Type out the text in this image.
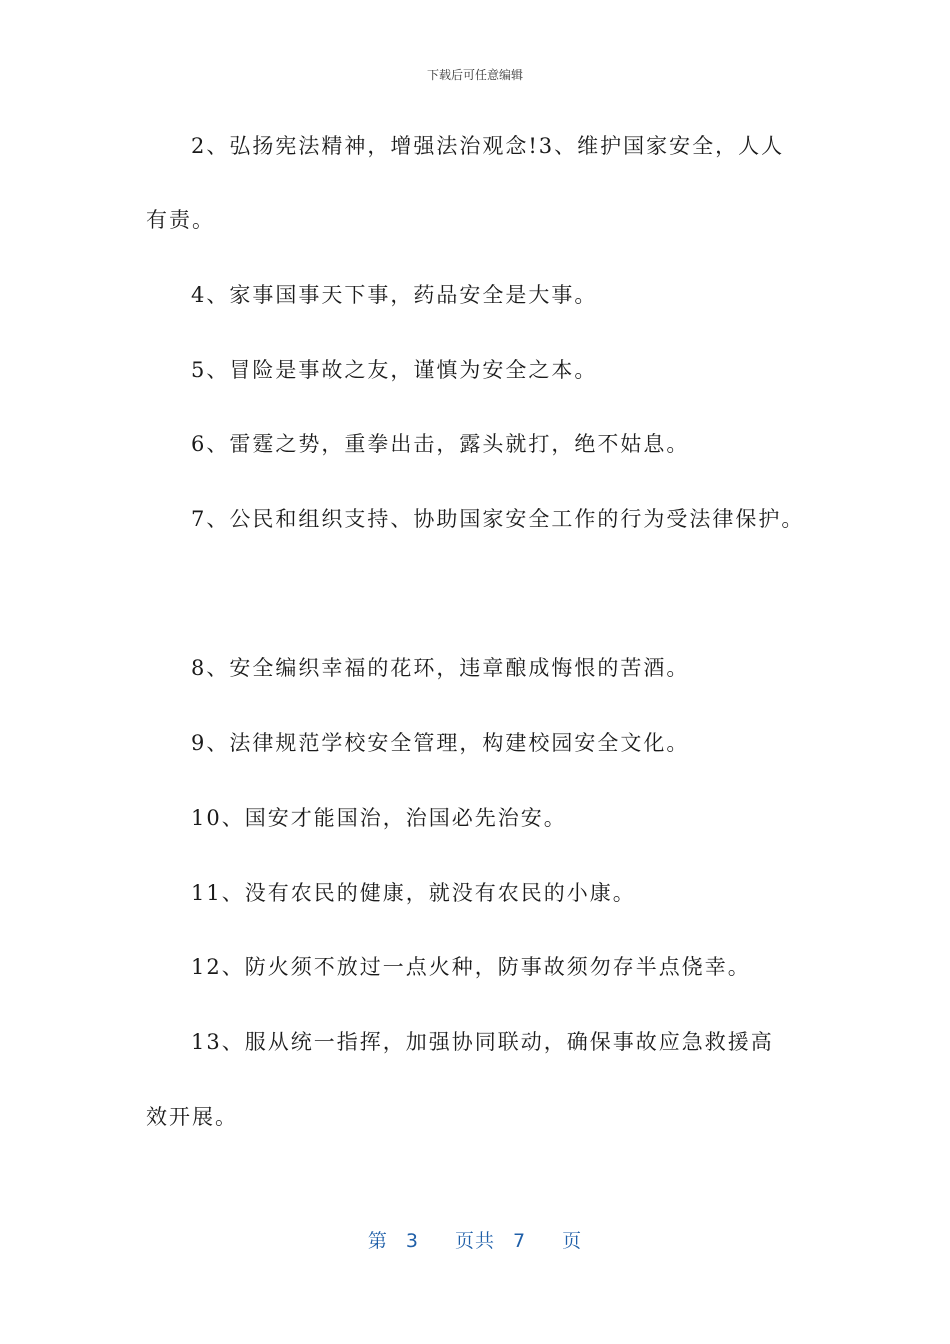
下载后可任意编辑
2、弘扬宪法精神，增强法治观念!3、维护国家安全，人人
有责。
4、家事国事天下事，药品安全是大事。
5、冒险是事故之友，谨慎为安全之本。
6、雷霆之势，重拳出击，露头就打，绝不姑息。
7、公民和组织支持、协助国家安全工作的行为受法律保护。
8、安全编织幸福的花环，违章酿成悔恨的苦酒。
9、法律规范学校安全管理，构建校园安全文化。
10、国安才能国治，治国必先治安。
11、没有农民的健康，就没有农民的小康。
12、防火须不放过一点火种，防事故须勿存半点侥幸。
13、服从统一指挥，加强协同联动，确保事故应急救援高
效开展。
第 3 页共 7 页
